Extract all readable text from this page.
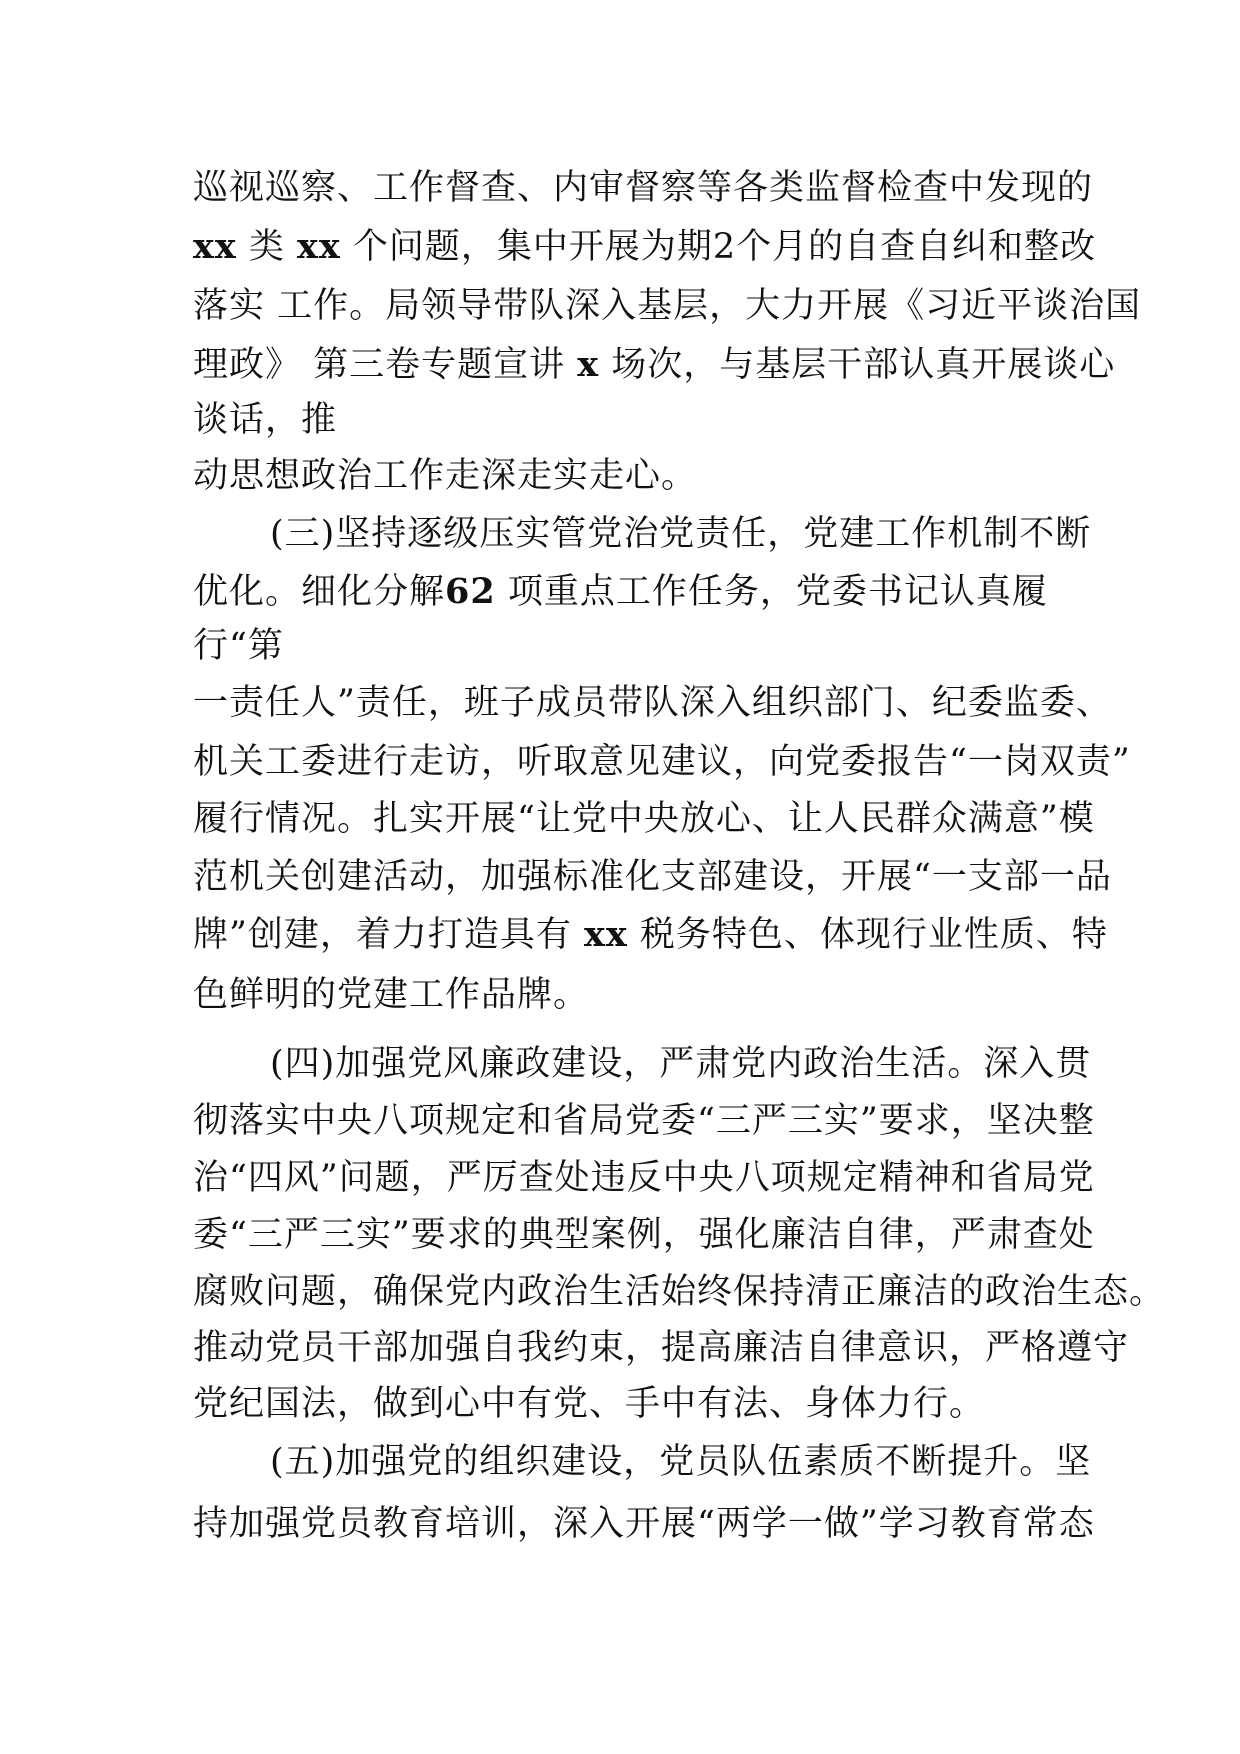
巡视巡察、工作督查、内审督察等各类监督检查中发现的
xx 类 xx 个问题，集中开展为期2个月的自查自纠和整改
落实 工作。局领导带队深入基层，大力开展《习近平谈治国
理政》 第三卷专题宣讲 x 场次，与基层干部认真开展谈心
谈话，推
动思想政治工作走深走实走心。
(三)坚持逐级压实管党治党责任，党建工作机制不断
优化。细化分解62 项重点工作任务，党委书记认真履
行“第
一责任人”责任，班子成员带队深入组织部门、纪委监委、
机关工委进行走访，听取意见建议，向党委报告“一岗双责”
履行情况。扎实开展“让党中央放心、让人民群众满意”模
范机关创建活动，加强标准化支部建设，开展“一支部一品
牌”创建，着力打造具有 xx 税务特色、体现行业性质、特
色鲜明的党建工作品牌。
(四)加强党风廉政建设，严肃党内政治生活。深入贯
彻落实中央八项规定和省局党委“三严三实”要求，坚决整
治“四风”问题，严厉查处违反中央八项规定精神和省局党
委“三严三实”要求的典型案例，强化廉洁自律，严肃查处
腐败问题，确保党内政治生活始终保持清正廉洁的政治生态。
推动党员干部加强自我约束，提高廉洁自律意识，严格遵守
党纪国法，做到心中有党、手中有法、身体力行。
(五)加强党的组织建设，党员队伍素质不断提升。坚
持加强党员教育培训，深入开展“两学一做”学习教育常态
